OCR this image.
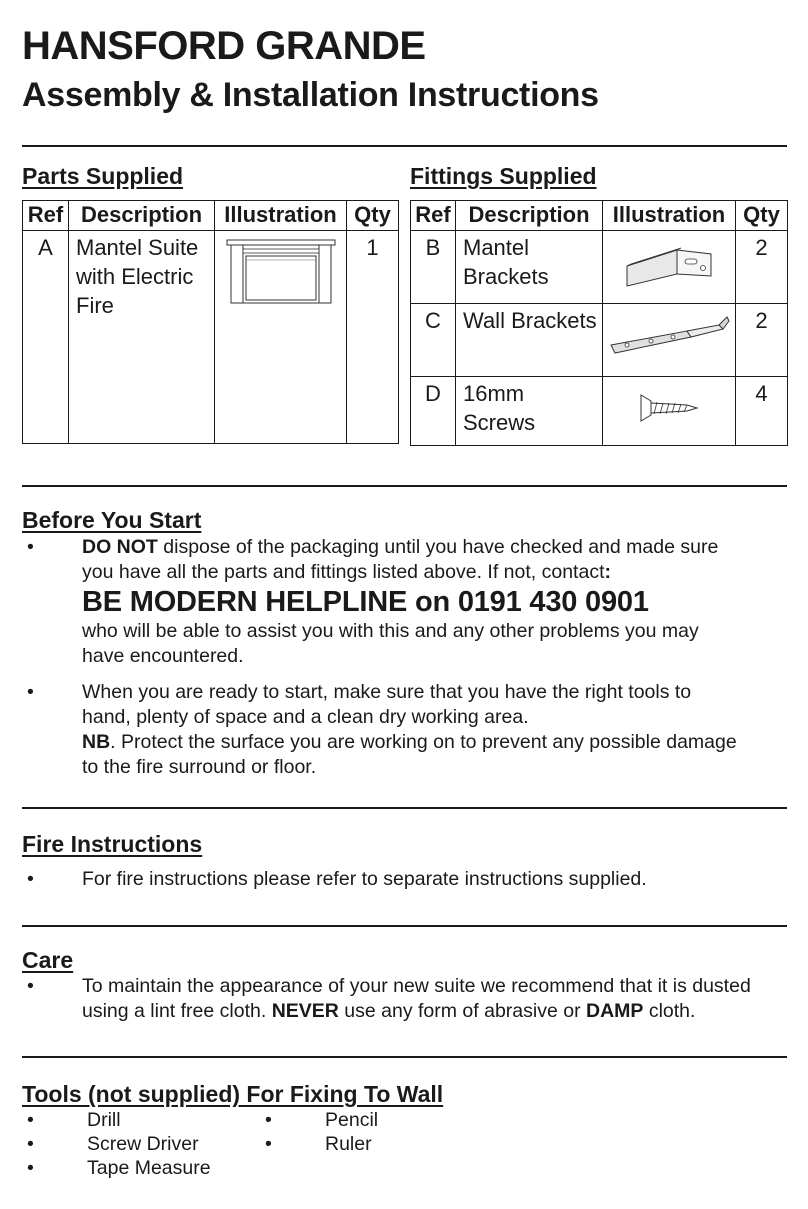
HANSFORD GRANDE
Assembly & Installation Instructions
Parts Supplied
Ref	Description	Illustration	Qty
A	Mantel Suite with Electric Fire		1
Fittings Supplied
Ref	Description	Illustration	Qty
B	Mantel Brackets		2
C	Wall Brackets		2
D	16mm Screws		4
Before You Start
• DO NOT dispose of the packaging until you have checked and made sure you have all the parts and fittings listed above. If not, contact:
BE MODERN HELPLINE on 0191 430 0901
who will be able to assist you with this and any other problems you may have encountered.
• When you are ready to start, make sure that you have the right tools to hand, plenty of space and a clean dry working area.
NB. Protect the surface you are working on to prevent any possible damage to the fire surround or floor.
Fire Instructions
• For fire instructions please refer to separate instructions supplied.
Care
• To maintain the appearance of your new suite we recommend that it is dusted using a lint free cloth. NEVER use any form of abrasive or DAMP cloth.
Tools (not supplied) For Fixing To Wall
•	Drill
•	Screw Driver
•	Tape Measure
•	Pencil
•	Ruler
